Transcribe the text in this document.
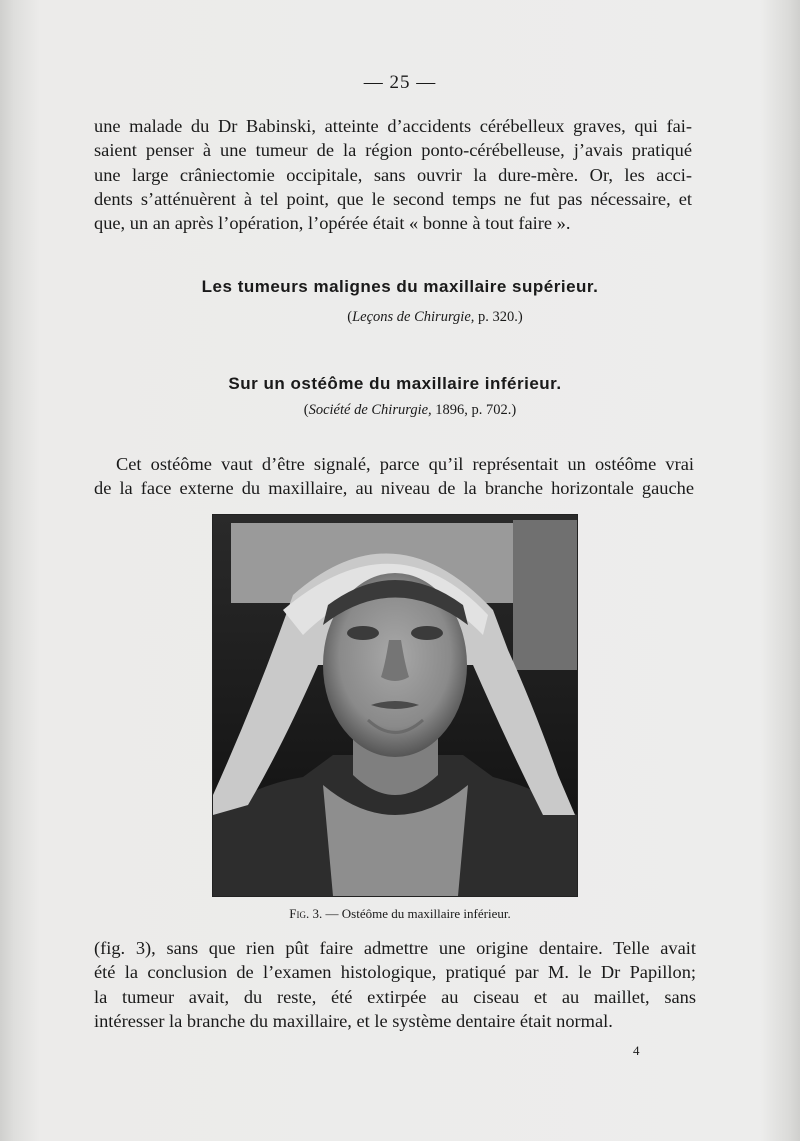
— 25 —
une malade du Dr Babinski, atteinte d’accidents cérébelleux graves, qui fai-
saient penser à une tumeur de la région ponto-cérébelleuse, j’avais pratiqué
une large crâniectomie occipitale, sans ouvrir la dure-mère. Or, les acci-
dents s’atténuèrent à tel point, que le second temps ne fut pas nécessaire, et
que, un an après l’opération, l’opérée était « bonne à tout faire ».
Les tumeurs malignes du maxillaire supérieur.
(Leçons de Chirurgie, p. 320.)
Sur un ostéôme du maxillaire inférieur.
(Société de Chirurgie, 1896, p. 702.)
Cet ostéôme vaut d’être signalé, parce qu’il représentait un ostéôme vrai
de la face externe du maxillaire, au niveau de la branche horizontale gauche
Fig. 3. — Ostéôme du maxillaire inférieur.
(fig. 3), sans que rien pût faire admettre une origine dentaire. Telle avait
été la conclusion de l’examen histologique, pratiqué par M. le Dr Papillon;
la tumeur avait, du reste, été extirpée au ciseau et au maillet, sans
intéresser la branche du maxillaire, et le système dentaire était normal.
4
